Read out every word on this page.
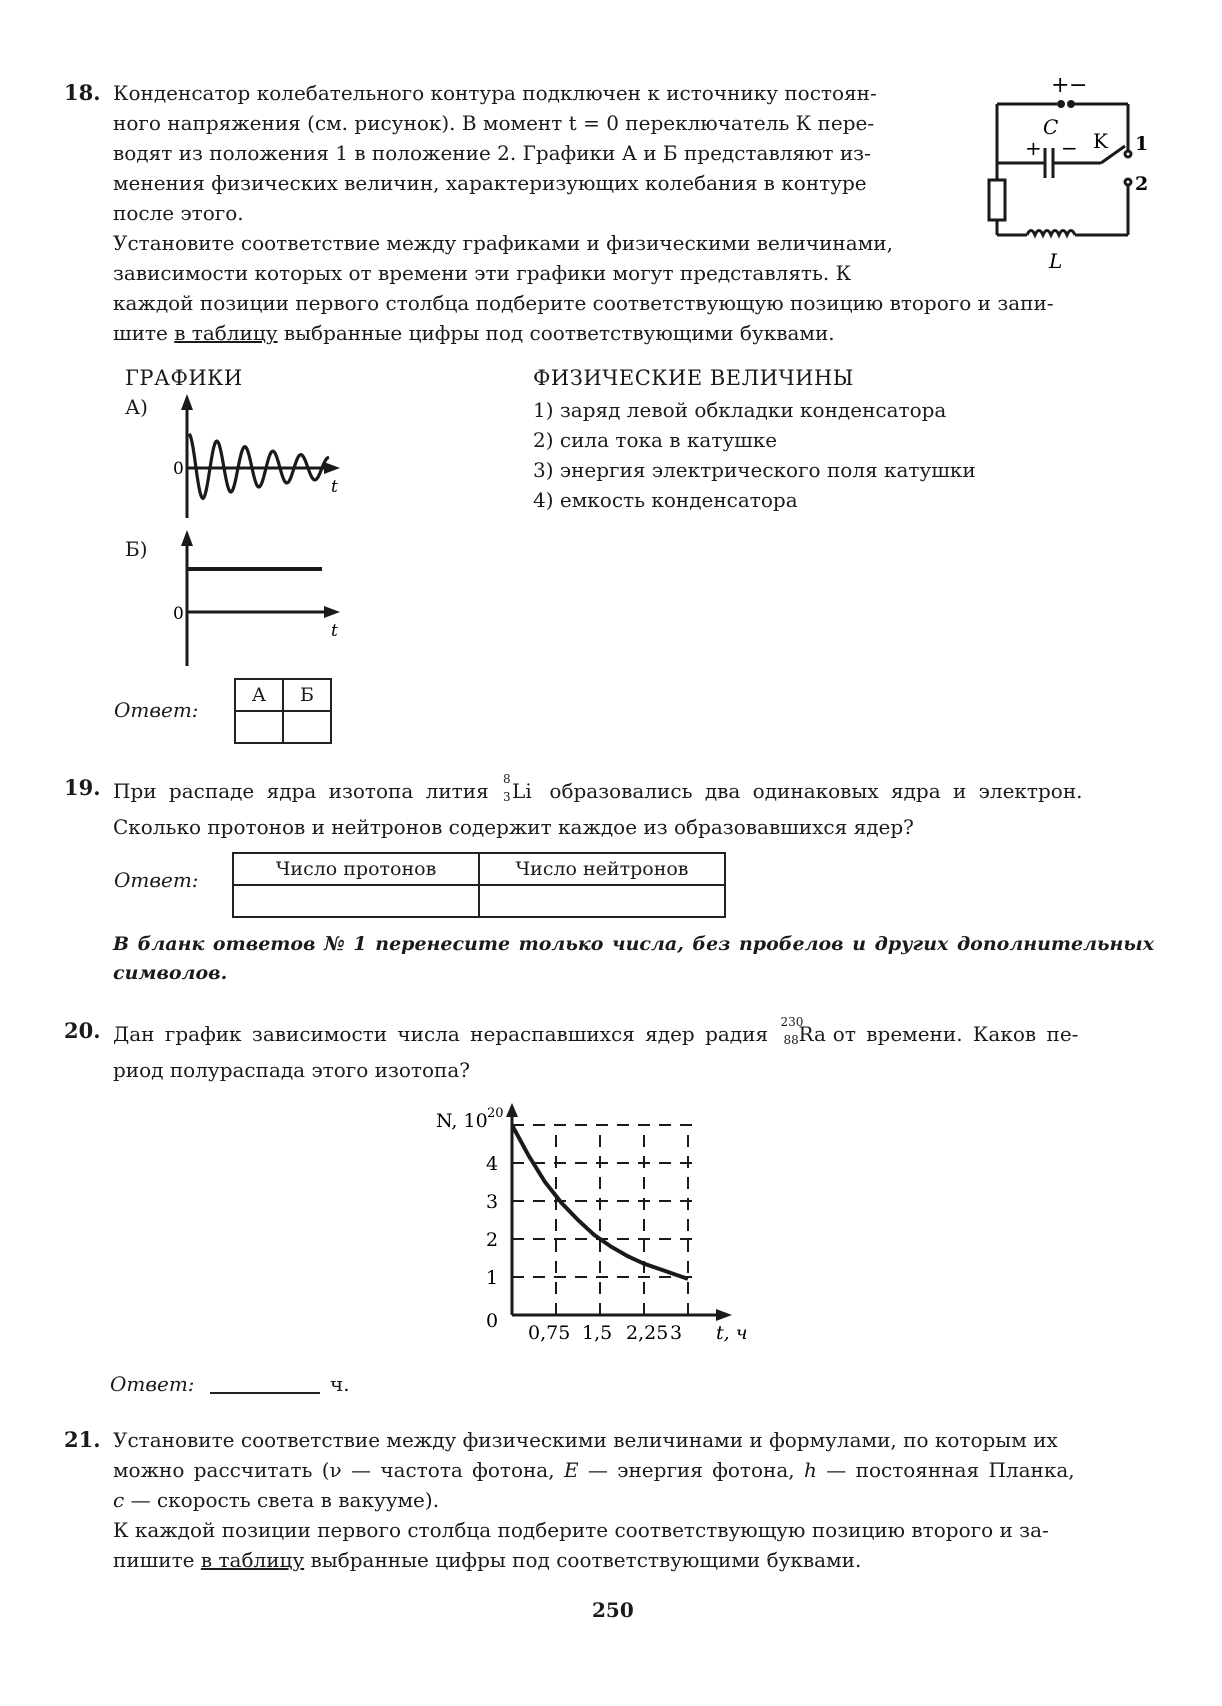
18. Конденсатор колебательного контура подключен к источнику постоян-
ного напряжения (см. рисунок). В момент t = 0 переключатель К пере-
водят из положения 1 в положение 2. Графики А и Б представляют из-
менения физических величин, характеризующих колебания в контуре
после этого.
Установите соответствие между графиками и физическими величинами,
зависимости которых от времени эти графики могут представлять. К
каждой позиции первого столбца подберите соответствующую позицию второго и запи-
шите в таблицу выбранные цифры под соответствующими буквами.
+ −
C
+ − K 1
2
L
ГРАФИКИ	ФИЗИЧЕСКИЕ ВЕЛИЧИНЫ
1) заряд левой обкладки конденсатора
2) сила тока в катушке
3) энергия электрического поля катушки
4) емкость конденсатора
А)
0
t
Б)
0
t
Ответ:
А	Б

19. При распаде ядра изотопа лития 8
3 Li образовались два одинаковых ядра и электрон.
Сколько протонов и нейтронов содержит каждое из образовавшихся ядер?
Ответ:	Число протонов	Число нейтронов

В бланк ответов № 1 перенесите только числа, без пробелов и других дополнительных
символов.
20. Дан график зависимости числа нераспавшихся ядер радия 230
88 Ra от времени. Каков пе-
риод полураспада этого изотопа?
1
2
3
4
0
0,75 1,5 2,25 3 t, ч
N, 10 20
Ответ:	ч.
21. Установите соответствие между физическими величинами и формулами, по которым их
можно рассчитать (ν — частота фотона, E — энергия фотона, h — постоянная Планка,
c — скорость света в вакууме).
К каждой позиции первого столбца подберите соответствующую позицию второго и за-
пишите в таблицу выбранные цифры под соответствующими буквами.
250
